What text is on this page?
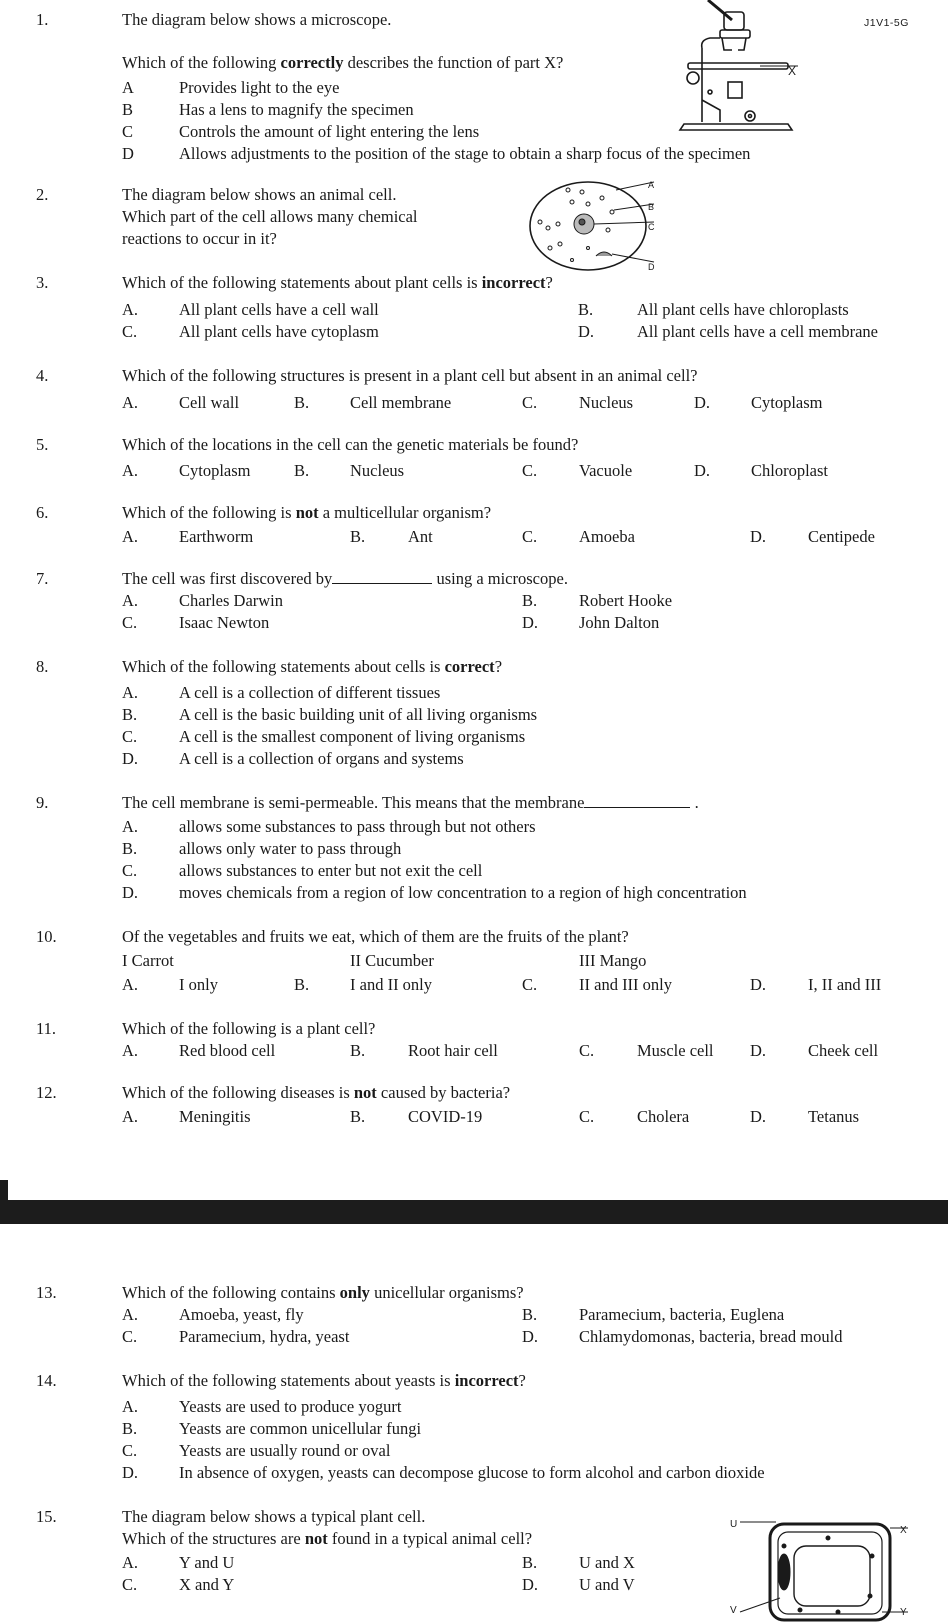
J1V1-5G
1.	The diagram below shows a microscope.
Which of the following correctly describes the function of part X?
A	Provides light to the eye
B	Has a lens to magnify the specimen
C	Controls the amount of light entering the lens
D	Allows adjustments to the position of the stage to obtain a sharp focus of the specimen
X
2.	The diagram below shows an animal cell.
Which part of the cell allows many chemical
reactions to occur in it?
A
B
C
D
3.	Which of the following statements about plant cells is incorrect?
A. All plant cells have a cell wall	B.	All plant cells have chloroplasts
C.	All plant cells have cytoplasm	D.	All plant cells have a cell membrane
4.	Which of the following structures is present in a plant cell but absent in an animal cell?
A. Cell wall	B. Cell membrane	C.	Nucleus	D. Cytoplasm
5.	Which of the locations in the cell can the genetic materials be found?
A. Cytoplasm	B. Nucleus	C.	Vacuole	D. Chloroplast
6.	Which of the following is not a multicellular organism?
A. Earthworm	B.	Ant	C.	Amoeba	D.	Centipede
7.	The cell was first discovered by	using a microscope.
A. Charles Darwin	B.	Robert Hooke
C.	Isaac Newton	D. John Dalton
8.	Which of the following statements about cells is correct?
A. A cell is a collection of different tissues
B.	A cell is the basic building unit of all living organisms
C.	A cell is the smallest component of living organisms
D. A cell is a collection of organs and systems
9.	The cell membrane is semi-permeable. This means that the membrane	.
A. allows some substances to pass through but not others
B.	allows only water to pass through
C.	allows substances to enter but not exit the cell
D. moves chemicals from a region of low concentration to a region of high concentration
10.	Of the vegetables and fruits we eat, which of them are the fruits of the plant?
I Carrot	II Cucumber	III Mango
A. I only	B. I and II only	C.	II and III only	D.	I, II and III
11.	Which of the following is a plant cell?
A. Red blood cell	B.	Root hair cell	C.	Muscle cell D.	Cheek cell
12.	Which of the following diseases is not caused by bacteria?
A. Meningitis	B.	COVID-19	C.	Cholera	D.	Tetanus
13.	Which of the following contains only unicellular organisms?
A. Amoeba, yeast, fly	B.	Paramecium, bacteria, Euglena
C.	Paramecium, hydra, yeast	D. Chlamydomonas, bacteria, bread mould
14.	Which of the following statements about yeasts is incorrect?
A. Yeasts are used to produce yogurt
B.	Yeasts are common unicellular fungi
C.	Yeasts are usually round or oval
D. In absence of oxygen, yeasts can decompose glucose to form alcohol and carbon dioxide
15.	The diagram below shows a typical plant cell.
Which of the structures are not found in a typical animal cell?
A. Y and U	B.	U and X
C.	X and Y	D. U and V
U
X
V	Y
